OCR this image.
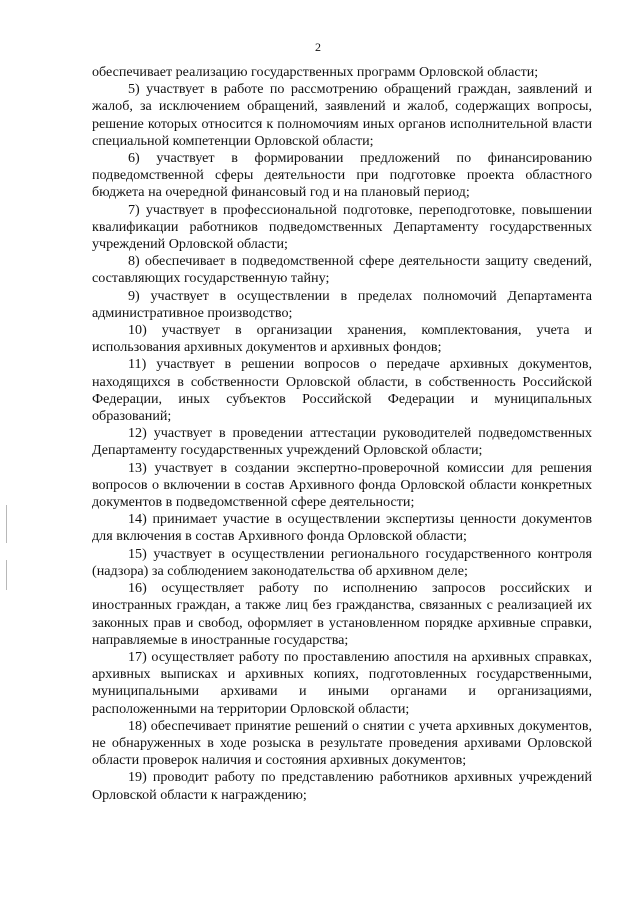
2

обеспечивает реализацию государственных программ Орловской области;

5) участвует в работе по рассмотрению обращений граждан, заявлений и жалоб, за исключением обращений, заявлений и жалоб, содержащих вопросы, решение которых относится к полномочиям иных органов исполнительной власти специальной компетенции Орловской области;

6) участвует в формировании предложений по финансированию подведомственной сферы деятельности при подготовке проекта областного бюджета на очередной финансовый год и на плановый период;

7) участвует в профессиональной подготовке, переподготовке, повышении квалификации работников подведомственных Департаменту государственных учреждений Орловской области;

8) обеспечивает в подведомственной сфере деятельности защиту сведений, составляющих государственную тайну;

9) участвует в осуществлении в пределах полномочий Департамента административное производство;

10) участвует в организации хранения, комплектования, учета и использования архивных документов и архивных фондов;

11) участвует в решении вопросов о передаче архивных документов, находящихся в собственности Орловской области, в собственность Российской Федерации, иных субъектов Российской Федерации и муниципальных образований;

12) участвует в проведении аттестации руководителей подведомственных Департаменту государственных учреждений Орловской области;

13) участвует в создании экспертно-проверочной комиссии для решения вопросов о включении в состав Архивного фонда Орловской области конкретных документов в подведомственной сфере деятельности;

14) принимает участие в осуществлении экспертизы ценности документов для включения в состав Архивного фонда Орловской области;

15) участвует в осуществлении регионального государственного контроля (надзора) за соблюдением законодательства об архивном деле;

16) осуществляет работу по исполнению запросов российских и иностранных граждан, а также лиц без гражданства, связанных с реализацией их законных прав и свобод, оформляет в установленном порядке архивные справки, направляемые в иностранные государства;

17) осуществляет работу по проставлению апостиля на архивных справках, архивных выписках и архивных копиях, подготовленных государственными, муниципальными архивами и иными органами и организациями, расположенными на территории Орловской области;

18) обеспечивает принятие решений о снятии с учета архивных документов, не обнаруженных в ходе розыска в результате проведения архивами Орловской области проверок наличия и состояния архивных документов;

19) проводит работу по представлению работников архивных учреждений Орловской области к награждению;
